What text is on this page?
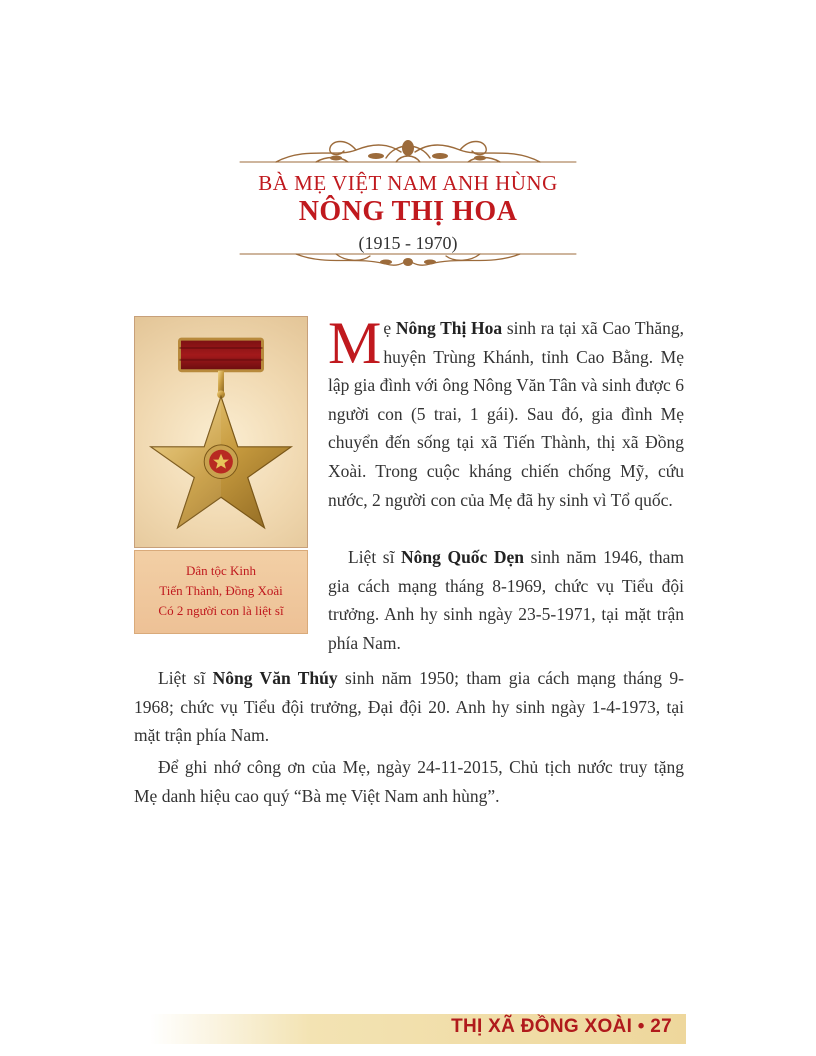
BÀ MẸ VIỆT NAM ANH HÙNG
NÔNG THỊ HOA
(1915 - 1970)
Dân tộc Kinh
Tiến Thành, Đồng Xoài
Có 2 người con là liệt sĩ
Mẹ Nông Thị Hoa sinh ra tại xã Cao Thăng, huyện Trùng Khánh, tỉnh Cao Bằng. Mẹ lập gia đình với ông Nông Văn Tân và sinh được 6 người con (5 trai, 1 gái). Sau đó, gia đình Mẹ chuyển đến sống tại xã Tiến Thành, thị xã Đồng Xoài. Trong cuộc kháng chiến chống Mỹ, cứu nước, 2 người con của Mẹ đã hy sinh vì Tổ quốc.
Liệt sĩ Nông Quốc Dẹn sinh năm 1946, tham gia cách mạng tháng 8-1969, chức vụ Tiểu đội trưởng. Anh hy sinh ngày 23-5-1971, tại mặt trận phía Nam.
Liệt sĩ Nông Văn Thúy sinh năm 1950; tham gia cách mạng tháng 9-1968; chức vụ Tiểu đội trưởng, Đại đội 20. Anh hy sinh ngày 1-4-1973, tại mặt trận phía Nam.
Để ghi nhớ công ơn của Mẹ, ngày 24-11-2015, Chủ tịch nước truy tặng Mẹ danh hiệu cao quý “Bà mẹ Việt Nam anh hùng”.
THỊ XÃ ĐỒNG XOÀI • 27
